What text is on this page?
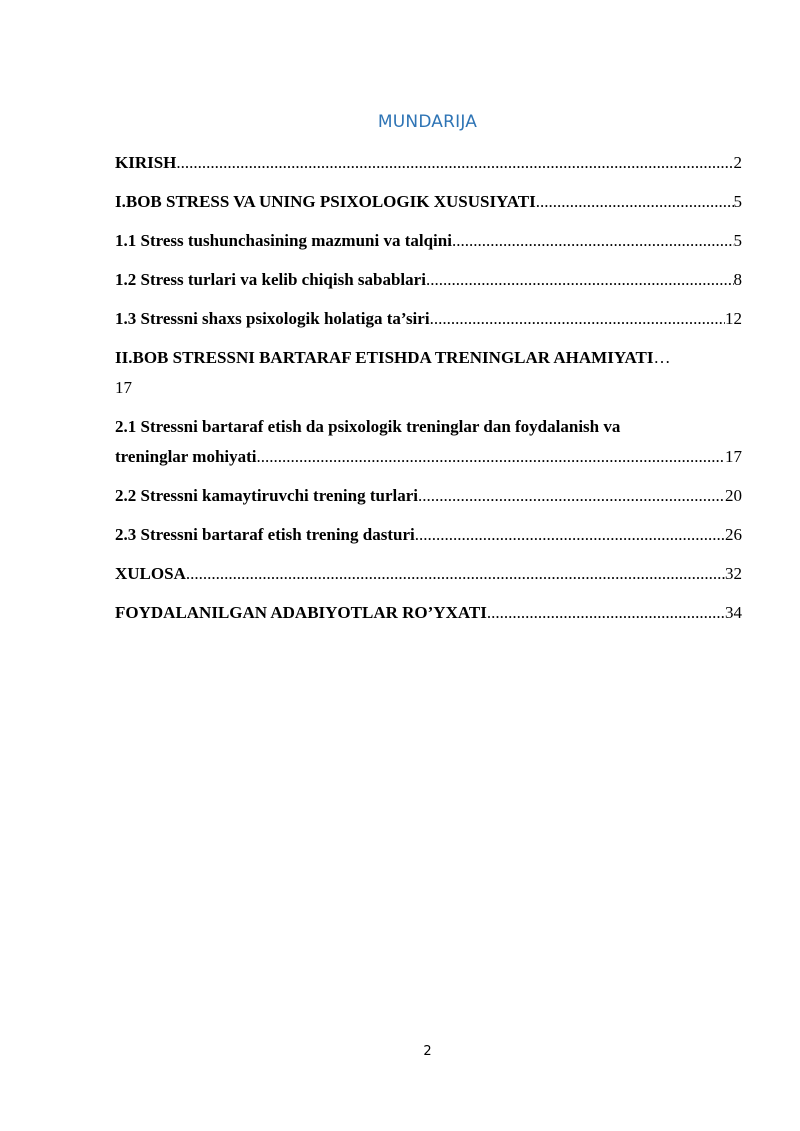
MUNDARIJA
KIRISH .....	2
I.BOB STRESS VA UNING PSIXOLOGIK XUSUSIYATI .....	5
1.1 Stress tushunchasining mazmuni va talqini .....	5
1.2 Stress turlari va kelib chiqish sabablari .....	8
1.3 Stressni shaxs psixologik holatiga ta’siri .....	12
II.BOB STRESSNI BARTARAF ETISHDA TRENINGLAR AHAMIYATI …
17
2.1 Stressni bartaraf etish da psixologik treninglar dan foydalanish va
treninglar mohiyati .....	17
2.2 Stressni kamaytiruvchi trening turlari .....	20
2.3 Stressni bartaraf etish trening dasturi .....	26
XULOSA .....	32
FOYDALANILGAN ADABIYOTLAR RO’YXATI .....	34
2
